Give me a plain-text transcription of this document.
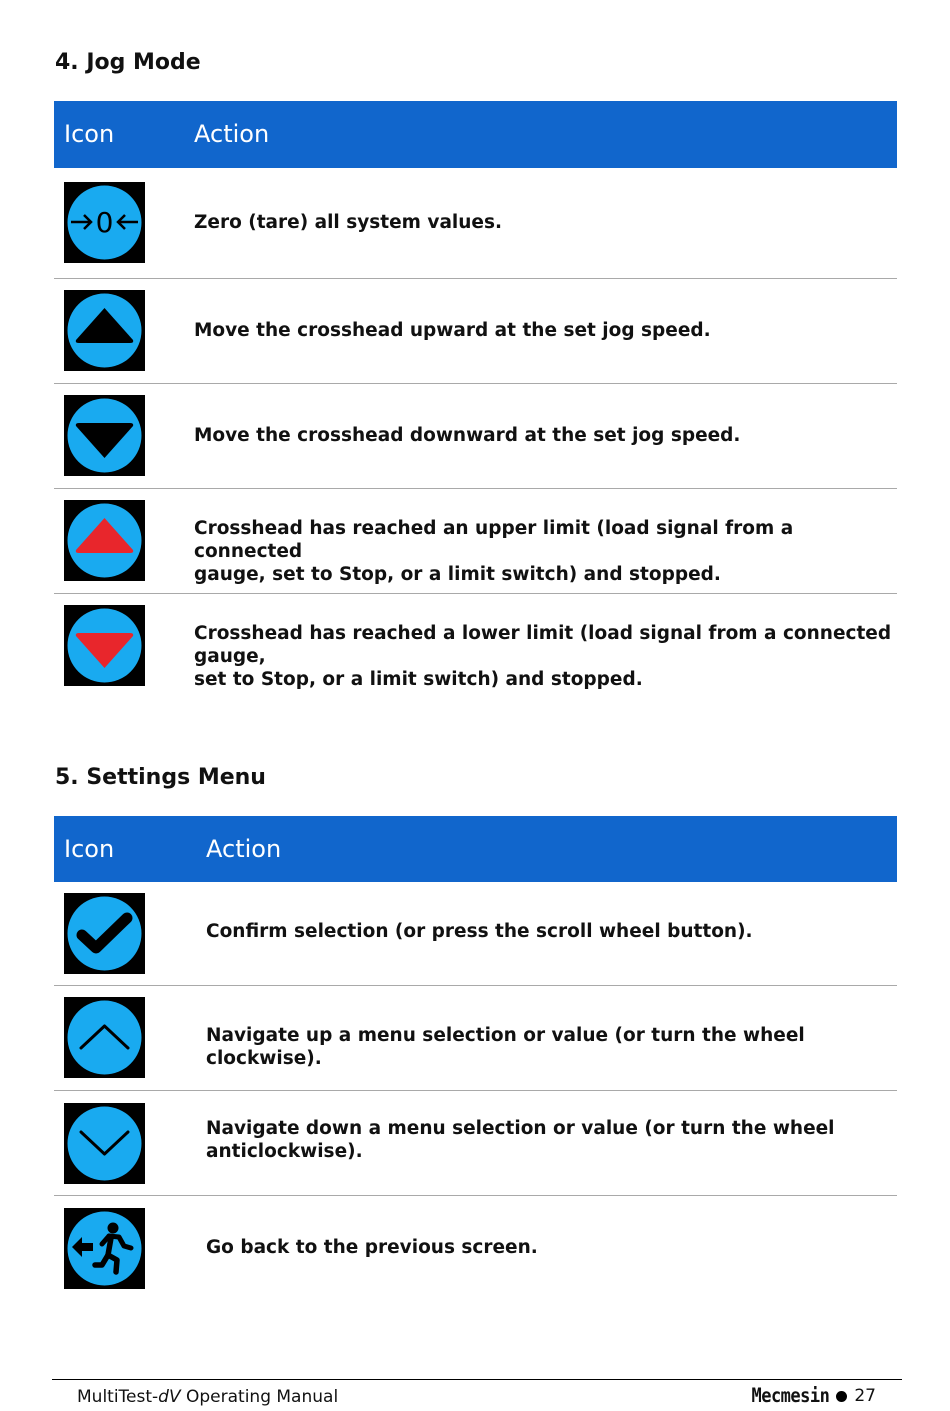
4. Jog Mode
Icon	Action
0	Zero (tare) all system values.
Move the crosshead upward at the set jog speed.
Move the crosshead downward at the set jog speed.
Crosshead has reached an upper limit (load signal from a connected
gauge, set to Stop, or a limit switch) and stopped.
Crosshead has reached a lower limit (load signal from a connected gauge,
set to Stop, or a limit switch) and stopped.
5. Settings Menu
Icon	Action
Confirm selection (or press the scroll wheel button).
Navigate up a menu selection or value (or turn the wheel clockwise).
Navigate down a menu selection or value (or turn the wheel
anticlockwise).
Go back to the previous screen.
MultiTest-dV Operating Manual	Mecmesin 27
